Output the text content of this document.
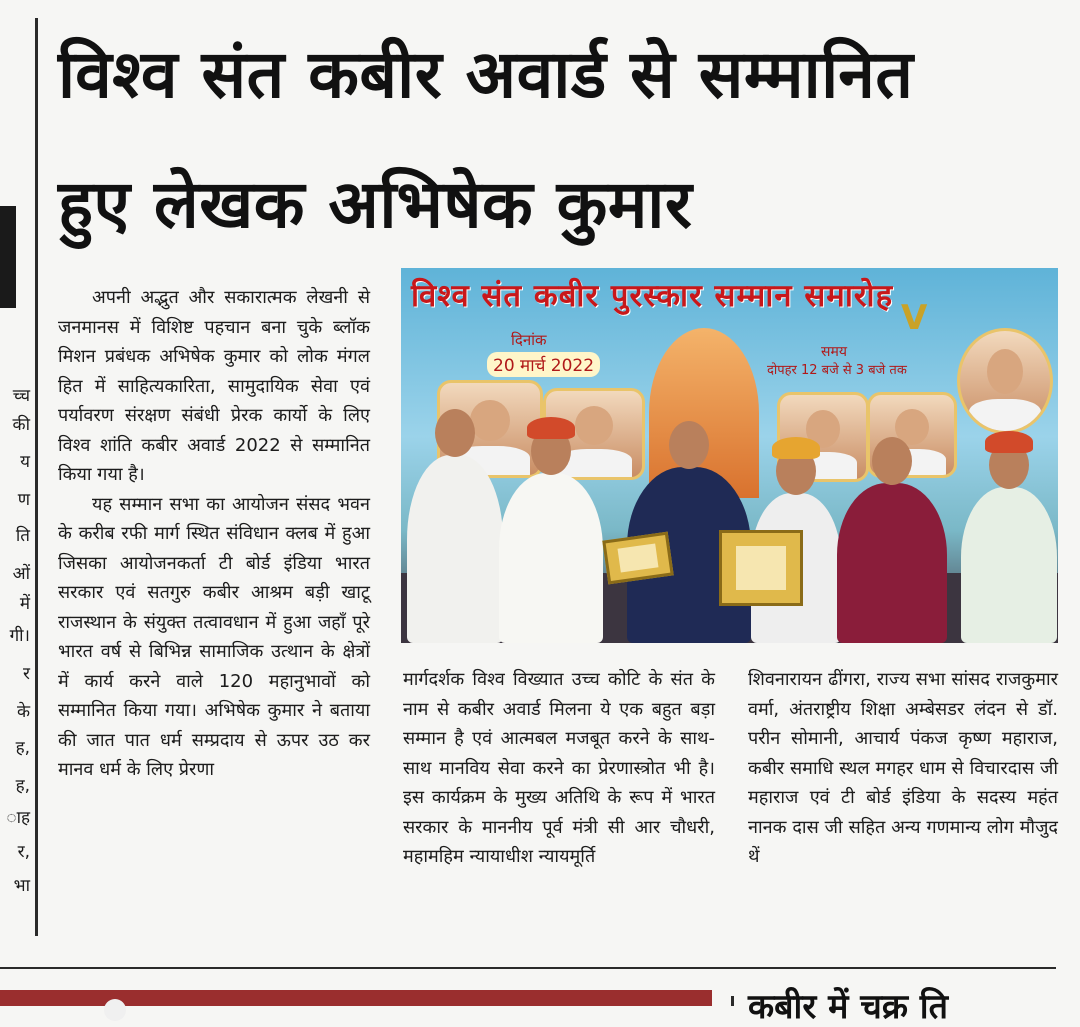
च्च
की
य
ण
ति
ओं
में
गी।
र
के
ह,
ह,
ाह
र,
भा
विश्व संत कबीर अवार्ड से सम्मानित
हुए लेखक अभिषेक कुमार

अपनी अद्भुत और सकारात्मक लेखनी से जनमानस में विशिष्ट पहचान बना चुके ब्लॉक मिशन प्रबंधक अभिषेक कुमार को लोक मंगल हित में साहित्यकारिता, सामुदायिक सेवा एवं पर्यावरण संरक्षण संबंधी प्रेरक कार्यो के लिए विश्व शांति कबीर अवार्ड 2022 से सम्मानित किया गया है।

यह सम्मान सभा का आयोजन संसद भवन के करीब रफी मार्ग स्थित संविधान क्लब में हुआ जिसका आयोजनकर्ता टी बोर्ड इंडिया भारत सरकार एवं सतगुरु कबीर आश्रम बड़ी खाटू राजस्थान के संयुक्त तत्वावधान में हुआ जहाँ पूरे भारत वर्ष से बिभिन्न सामाजिक उत्थान के क्षेत्रों में कार्य करने वाले 120 महानुभावों को सम्मानित किया गया। अभिषेक कुमार ने बताया की जात पात धर्म सम्प्रदाय से ऊपर उठ कर मानव धर्म के लिए प्रेरणा

विश्व संत कबीर पुरस्कार सम्मान समारोह
V
दिनांक
20 मार्च 2022
समय
दोपहर 12 बजे से 3 बजे तक

मार्गदर्शक विश्व विख्यात उच्च कोटि के संत के नाम से कबीर अवार्ड मिलना ये एक बहुत बड़ा सम्मान है एवं आत्मबल मजबूत करने के साथ-साथ मानविय सेवा करने का प्रेरणास्त्रोत भी है। इस कार्यक्रम के मुख्य अतिथि के रूप में भारत सरकार के माननीय पूर्व मंत्री सी आर चौधरी, महामहिम न्यायाधीश न्यायमूर्ति

शिवनारायन ढींगरा, राज्य सभा सांसद राजकुमार वर्मा, अंतराष्ट्रीय शिक्षा अम्बेसडर लंदन से डॉ. परीन सोमानी, आचार्य पंकज कृष्ण महाराज, कबीर समाधि स्थल मगहर धाम से विचारदास जी महाराज एवं टी बोर्ड इंडिया के सदस्य महंत नानक दास जी सहित अन्य गणमान्य लोग मौजुद थें

कबीर में चक्र ति
